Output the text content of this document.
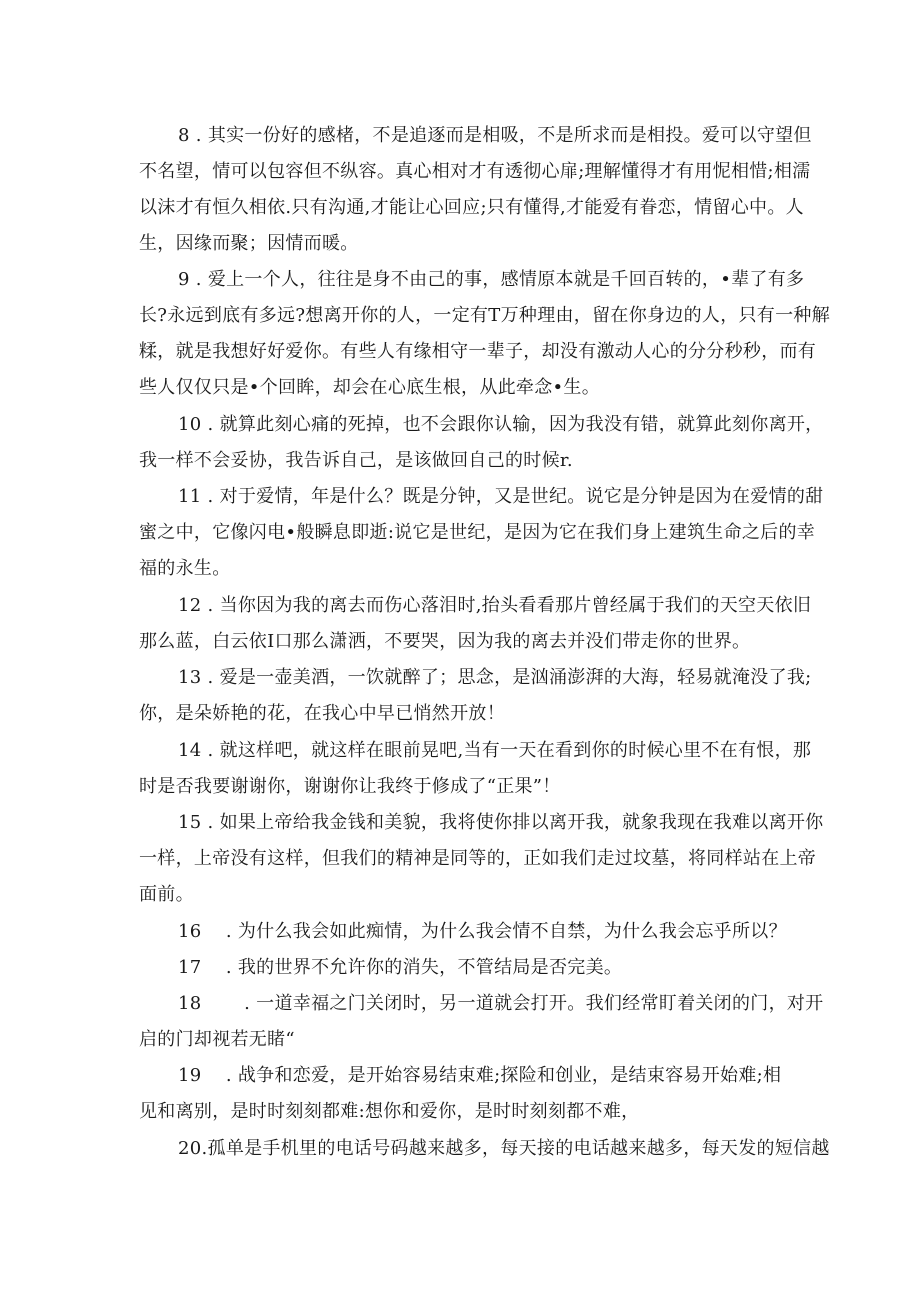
8 . 其实一份好的感楮，不是追逐而是相吸，不是所求而是相投。爱可以守望但
不名望，情可以包容但不纵容。真心相对才有透彻心扉;理解懂得才有用怩相惜;相濡
以沫才有恒久相依.只有沟通,才能让心回应;只有懂得,才能爱有眷恋，情留心中。人
生，因缘而聚；因情而暖。
9 . 爱上一个人，往往是身不由己的事，感情原本就是千回百转的，•辈了有多
长?永远到底有多远?想离开你的人，一定有T万种理由，留在你身边的人，只有一种解
糅，就是我想好好爱你。有些人有缘相守一辈子，却没有激动人心的分分秒秒，而有
些人仅仅只是•个回眸，却会在心底生根，从此牵念•生。
10 . 就算此刻心痛的死掉，也不会跟你认输，因为我没有错，就算此刻你离开，
我一样不会妥协，我告诉自己，是该做回自己的时候r.
11 . 对于爱情，年是什么？既是分钟，又是世纪。说它是分钟是因为在爱情的甜
蜜之中，它像闪电•般瞬息即逝:说它是世纪，是因为它在我们身上建筑生命之后的幸
福的永生。
12 . 当你因为我的离去而伤心落泪时,抬头看看那片曾经属于我们的天空天依旧
那么蓝，白云依I口那么潇洒，不要哭，因为我的离去并没们带走你的世界。
13 . 爱是一壶美酒，一饮就醉了；思念，是汹涌澎湃的大海，轻易就淹没了我;
你，是朵娇艳的花，在我心中早已悄然开放！
14 . 就这样吧，就这样在眼前晃吧,当有一天在看到你的时候心里不在有恨，那
时是否我要谢谢你，谢谢你让我终于修成了“正果”！
15 . 如果上帝给我金钱和美貌，我将使你排以离开我，就象我现在我难以离开你
一样，上帝没有这样，但我们的精神是同等的，正如我们走过坟墓，将同样站在上帝
面前。
16　 . 为什么我会如此痴情，为什么我会情不自禁，为什么我会忘乎所以？
17　 . 我的世界不允许你的消失，不管结局是否完美。
18　　 . 一道幸福之门关闭时，另一道就会打开。我们经常盯着关闭的门，对开
启的门却视若无睹“
19　 . 战争和恋爱，是开始容易结束难;探险和创业，是结束容易开始难;相
见和离别，是时时刻刻都难:想你和爱你，是时时刻刻都不难，
20.孤单是手机里的电话号码越来越多，每天接的电话越来越多，每天发的短信越
